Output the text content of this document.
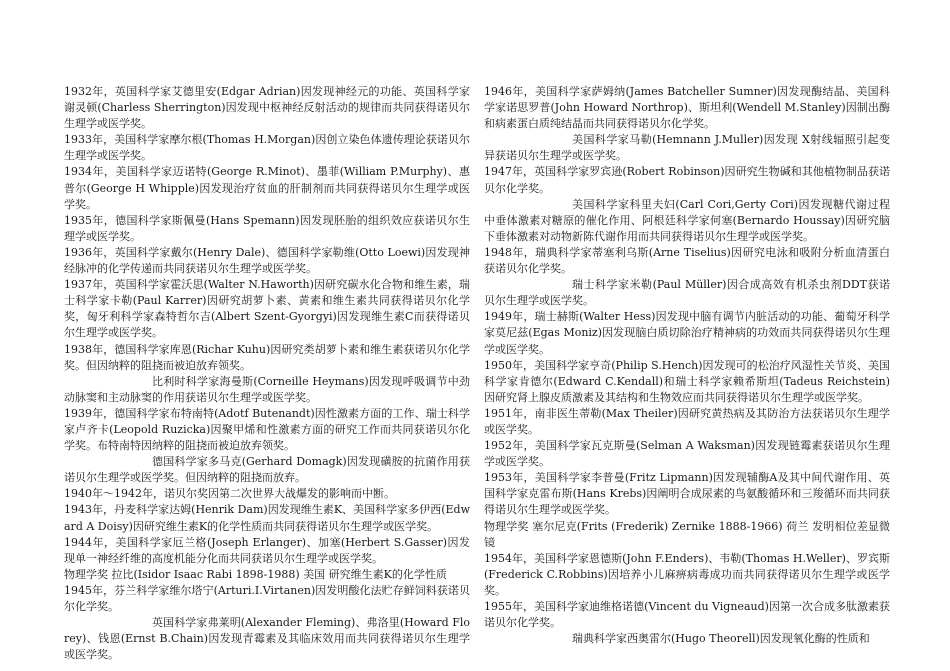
1932年，英国科学家艾德里安(Edgar Adrian)因发现神经元的功能、英国科学家谢灵顿(Charless Sherrington)因发现中枢神经反射活动的规律而共同获得诺贝尔生理学或医学奖。

1933年，美国科学家摩尔根(Thomas H.Morgan)因创立染色体遗传理论获诺贝尔生理学或医学奖。

1934年，美国科学家迈诺特(George R.Minot)、墨菲(William P.Murphy)、惠普尔(George H Whipple)因发现治疗贫血的肝制剂而共同获得诺贝尔生理学或医学奖。

1935年，德国科学家斯佩曼(Hans Spemann)因发现胚胎的组织效应获诺贝尔生理学或医学奖。

1936年，英国科学家戴尔(Henry Dale)、德国科学家勒维(Otto Loewi)因发现神经脉冲的化学传递而共同获诺贝尔生理学或医学奖。

1937年，英国科学家霍沃思(Walter N.Haworth)因研究碳水化合物和维生素，瑞士科学家卡勒(Paul Karrer)因研究胡萝卜素、黄素和维生素共同获得诺贝尔化学奖，匈牙利科学家森特哲尔吉(Albert Szent-Gyorgyi)因发现维生素C而获得诺贝尔生理学或医学奖。

1938年，德国科学家库恩(Richar Kuhu)因研究类胡萝卜素和维生素获诺贝尔化学奖。但因纳粹的阻挠而被迫放弃领奖。

比利时科学家海曼斯(Corneille Heymans)因发现呼吸调节中劲动脉窦和主动脉窦的作用获诺贝尔生理学或医学奖。

1939年，德国科学家布特南特(Adotf Butenandt)因性激素方面的工作、瑞士科学家卢齐卡(Leopold Ruzicka)因聚甲烯和性激素方面的研究工作而共同获诺贝尔化学奖。布特南特因纳粹的阻挠而被迫放弃领奖。

德国科学家多马克(Gerhard Domagk)因发现磺胺的抗菌作用获诺贝尔生理学或医学奖。但因纳粹的阻挠而放弃。

1940年～1942年，诺贝尔奖因第二次世界大战爆发的影响而中断。

1943年，丹麦科学家达姆(Henrik Dam)因发现维生素K、美国科学家多伊西(Edward A Doisy)因研究维生素K的化学性质而共同获得诺贝尔生理学或医学奖。

1944年，美国科学家厄兰格(Joseph Erlanger)、加塞(Herbert S.Gasser)因发现单一神经纤维的高度机能分化而共同获诺贝尔生理学或医学奖。

物理学奖 拉比(Isidor Isaac Rabi 1898-1988) 美国 研究维生素K的化学性质

1945年，芬兰科学家维尔塔宁(Arturi.I.Virtanen)因发明酸化法贮存鲜饲料获诺贝尔化学奖。

英国科学家弗莱明(Alexander Fleming)、弗洛里(Howard Florey)、钱恩(Ernst B.Chain)因发现青霉素及其临床效用而共同获得诺贝尔生理学或医学奖。

1946年，美国科学家萨姆纳(James Batcheller Sumner)因发现酶结晶、美国科学家诺思罗普(John Howard Northrop)、斯坦利(Wendell M.Stanley)因制出酶和病素蛋白质纯结晶而共同获得诺贝尔化学奖。

美国科学家马勒(Hemnann J.Muller)因发现 X射线辐照引起变异获诺贝尔生理学或医学奖。

1947年，英国科学家罗宾逊(Robert Robinson)因研究生物碱和其他植物制品获诺贝尔化学奖。

美国科学家科里夫妇(Carl Cori,Gerty Cori)因发现糖代谢过程中垂体激素对糖原的催化作用、阿根廷科学家何塞(Bernardo Houssay)因研究脑下垂体激素对动物新陈代谢作用而共同获得诺贝尔生理学或医学奖。

1948年，瑞典科学家蒂塞利乌斯(Arne Tiselius)因研究电泳和吸附分析血清蛋白获诺贝尔化学奖。

瑞士科学家米勒(Paul Müller)因合成高效有机杀虫剂DDT获诺贝尔生理学或医学奖。

1949年，瑞士赫斯(Walter Hess)因发现中脑有调节内脏活动的功能、葡萄牙科学家莫尼兹(Egas Moniz)因发现脑白质切除治疗精神病的功效而共同获得诺贝尔生理学或医学奖。

1950年，美国科学家亨奇(Philip S.Hench)因发现可的松治疗风湿性关节炎、美国科学家肯德尔(Edward C.Kendall)和瑞士科学家赖希斯坦(Tadeus Reichstein)因研究肾上腺皮质激素及其结构和生物效应而共同获得诺贝尔生理学或医学奖。

1951年，南非医生蒂勒(Max Theiler)因研究黄热病及其防治方法获诺贝尔生理学或医学奖。

1952年，美国科学家瓦克斯曼(Selman A Waksman)因发现链霉素获诺贝尔生理学或医学奖。

1953年，美国科学家李普曼(Fritz Lipmann)因发现辅酶A及其中间代谢作用、英国科学家克雷布斯(Hans Krebs)因阐明合成尿素的鸟氨酸循环和三羧循环而共同获得诺贝尔生理学或医学奖。

物理学奖 塞尔尼克(Frits (Frederik) Zernike 1888-1966) 荷兰 发明相位差显微镜

1954年，美国科学家恩德斯(John F.Enders)、韦勒(Thomas H.Weller)、罗宾斯(Frederick C.Robbins)因培养小儿麻痹病毒成功而共同获得诺贝尔生理学或医学奖。

1955年，美国科学家迪维格诺德(Vincent du Vigneaud)因第一次合成多肽激素获诺贝尔化学奖。

瑞典科学家西奥雷尔(Hugo Theorell)因发现氧化酶的性质和
